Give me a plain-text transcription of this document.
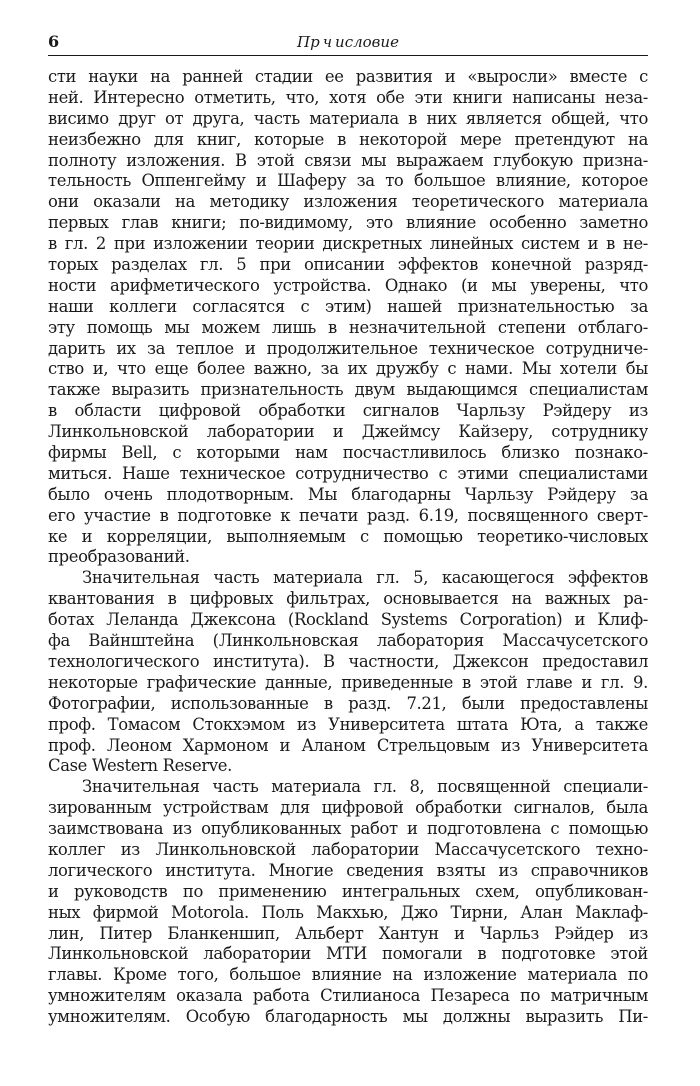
6	Пр ч исловие
сти науки на ранней стадии ее развития и «выросли» вместе с
ней. Интересно отметить, что, хотя обе эти книги написаны неза-
висимо друг от друга, часть материала в них является общей, что
неизбежно для книг, которые в некоторой мере претендуют на
полноту изложения. В этой связи мы выражаем глубокую призна-
тельность Оппенгейму и Шаферу за то большое влияние, которое
они оказали на методику изложения теоретического материала
первых глав книги; по-видимому, это влияние особенно заметно
в гл. 2 при изложении теории дискретных линейных систем и в не-
торых разделах гл. 5 при описании эффектов конечной разряд-
ности арифметического устройства. Однако (и мы уверены, что
наши коллеги согласятся с этим) нашей признательностью за
эту помощь мы можем лишь в незначительной степени отблаго-
дарить их за теплое и продолжительное техническое сотрудниче-
ство и, что еще более важно, за их дружбу с нами. Мы хотели бы
также выразить признательность двум выдающимся специалистам
в области цифровой обработки сигналов Чарльзу Рэйдеру из
Линкольновской лаборатории и Джеймсу Кайзеру, сотруднику
фирмы Bell, с которыми нам посчастливилось близко познако-
миться. Наше техническое сотрудничество с этими специалистами
было очень плодотворным. Мы благодарны Чарльзу Рэйдеру за
его участие в подготовке к печати разд. 6.19, посвященного сверт-
ке и корреляции, выполняемым с помощью теоретико-числовых
преобразований.
Значительная часть материала гл. 5, касающегося эффектов
квантования в цифровых фильтрах, основывается на важных ра-
ботах Леланда Джексона (Rockland Systems Corporation) и Клиф-
фа Вайнштейна (Линкольновская лаборатория Массачусетского
технологического института). В частности, Джексон предоставил
некоторые графические данные, приведенные в этой главе и гл. 9.
Фотографии, использованные в разд. 7.21, были предоставлены
проф. Томасом Стокхэмом из Университета штата Юта, а также
проф. Леоном Хармоном и Аланом Стрельцовым из Университета
Case Western Reserve.
Значительная часть материала гл. 8, посвященной специали-
зированным устройствам для цифровой обработки сигналов, была
заимствована из опубликованных работ и подготовлена с помощью
коллег из Линкольновской лаборатории Массачусетского техно-
логического института. Многие сведения взяты из справочников
и руководств по применению интегральных схем, опубликован-
ных фирмой Motorola. Поль Макхью, Джо Тирни, Алан Маклаф-
лин, Питер Бланкеншип, Альберт Хантун и Чарльз Рэйдер из
Линкольновской лаборатории МТИ помогали в подготовке этой
главы. Кроме того, большое влияние на изложение материала по
умножителям оказала работа Стилианоса Пезареса по матричным
умножителям. Особую благодарность мы должны выразить Пи-
